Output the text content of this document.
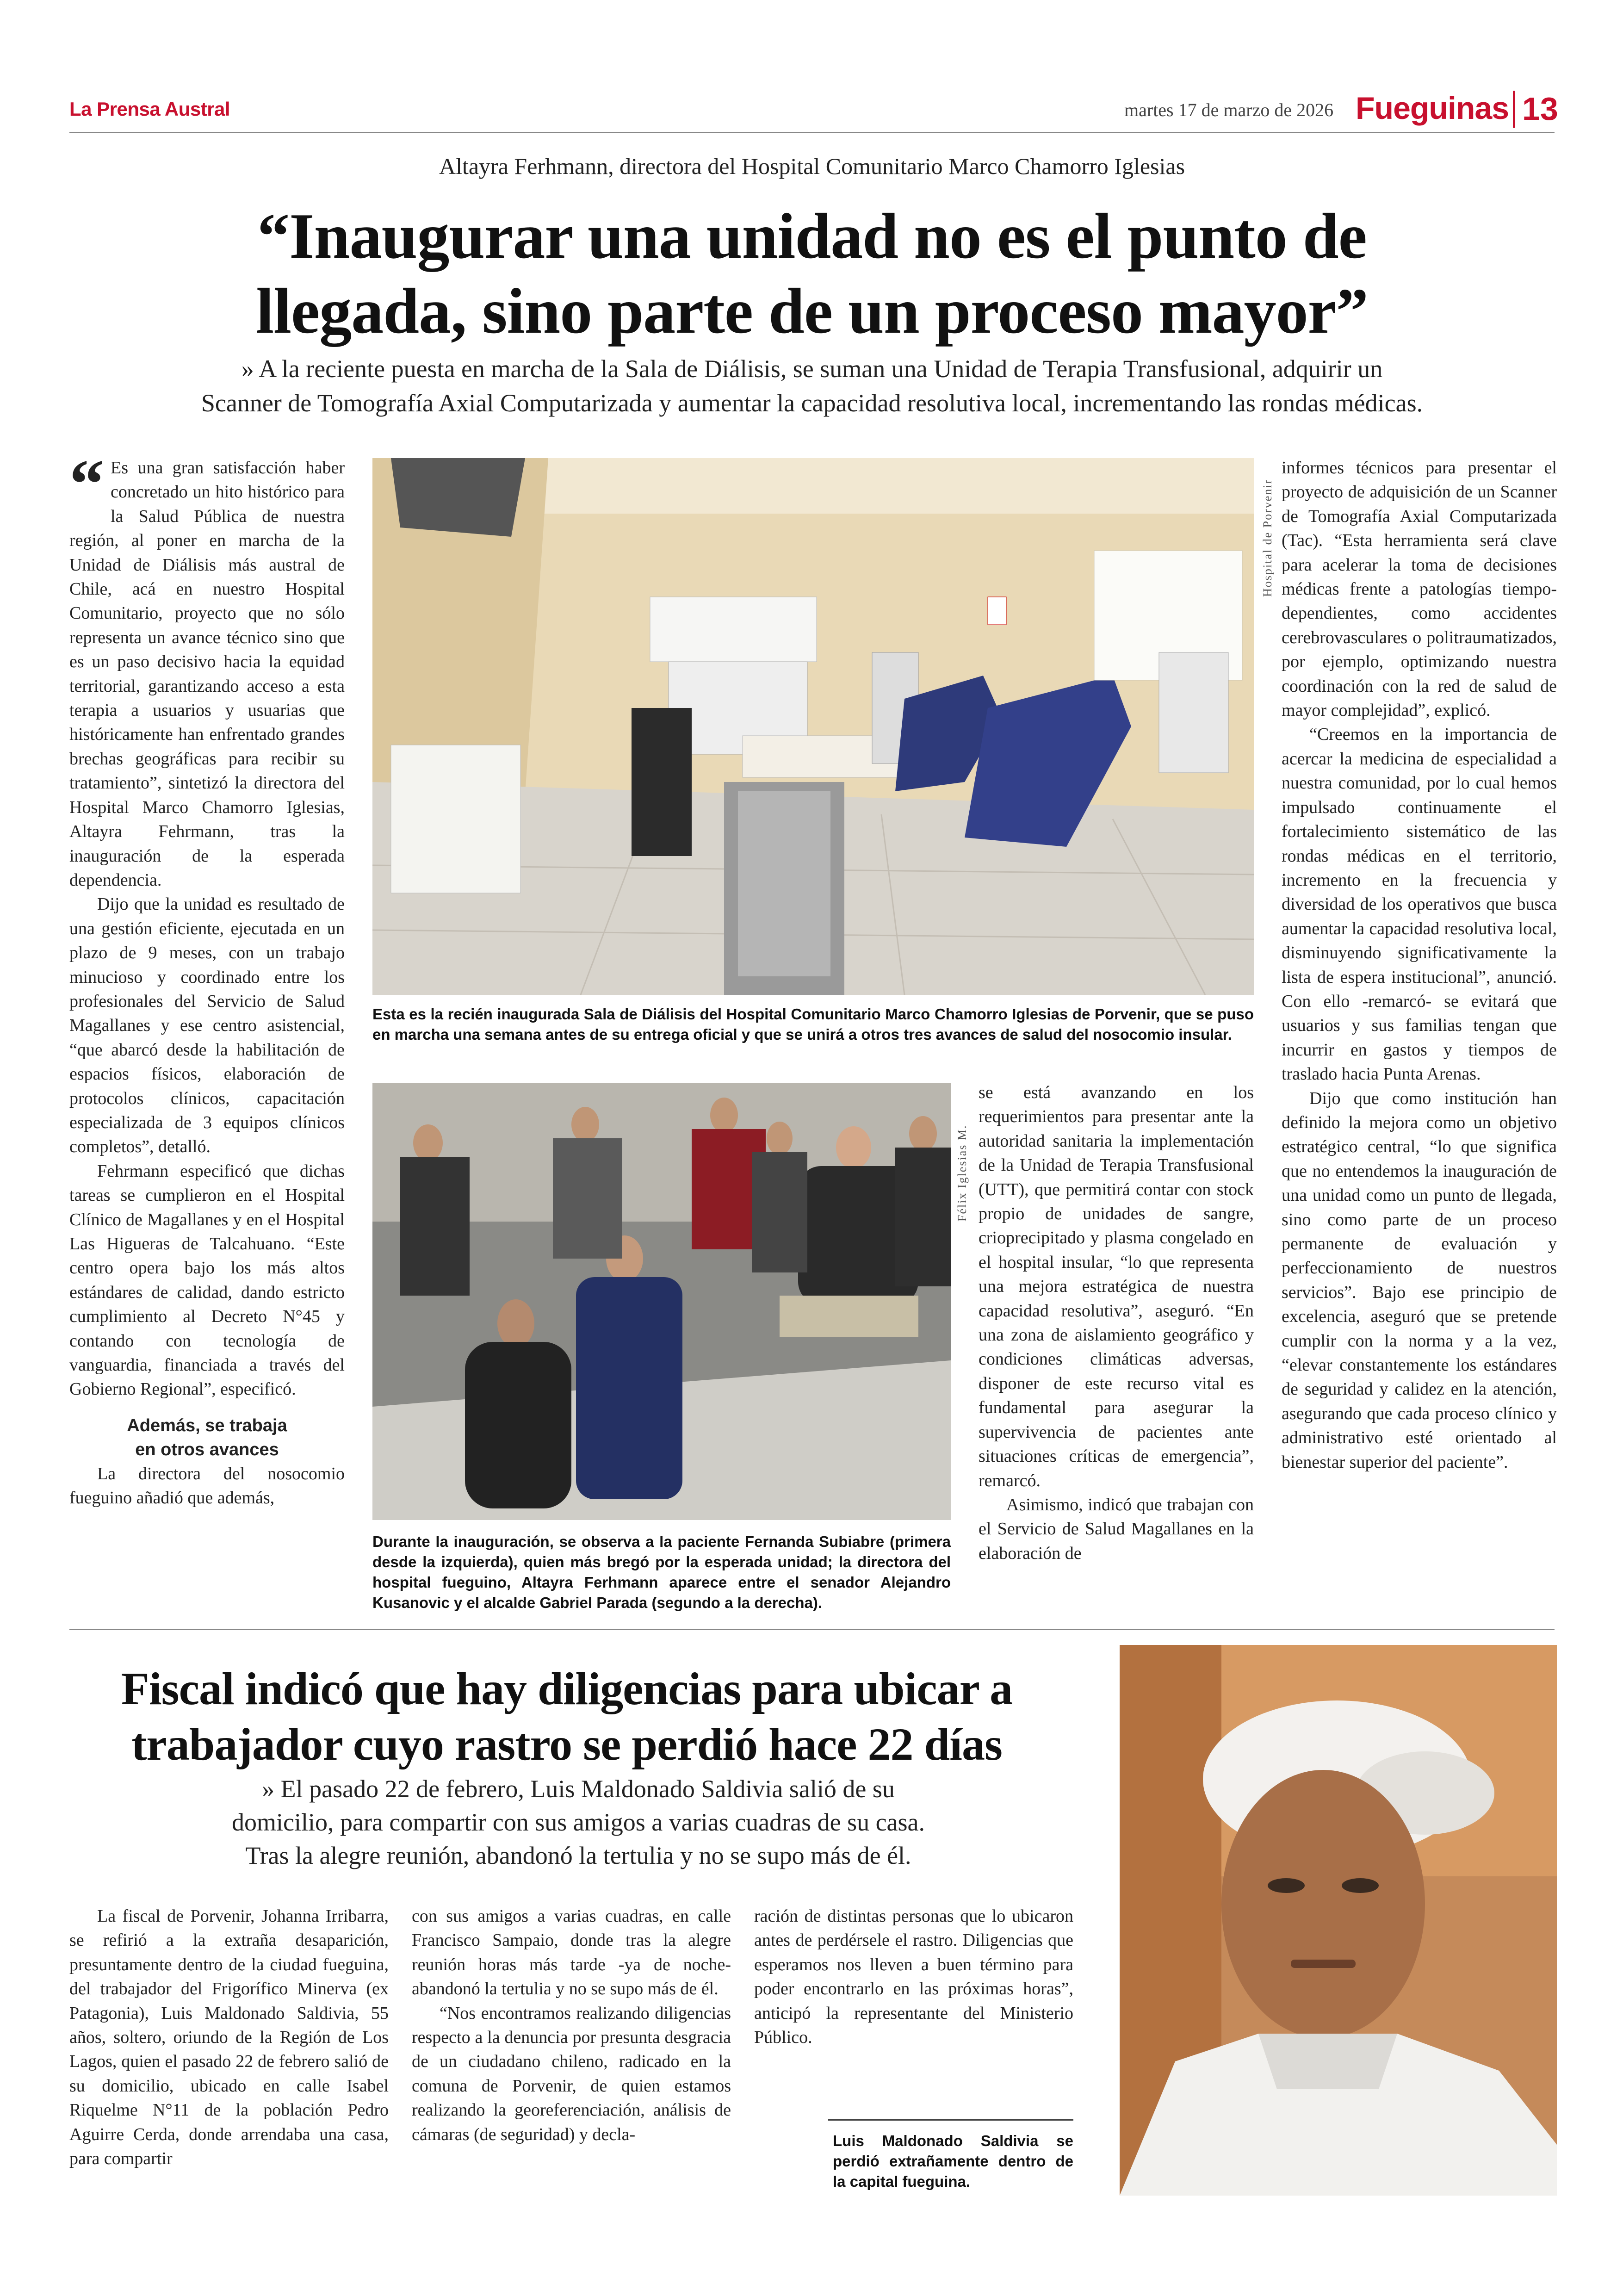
La Prensa Austral	martes 17 de marzo de 2026 Fueguinas 13
Altayra Ferhmann, directora del Hospital Comunitario Marco Chamorro Iglesias
“Inaugurar una unidad no es el punto de
llegada, sino parte de un proceso mayor”
» A la reciente puesta en marcha de la Sala de Diálisis, se suman una Unidad de Terapia Transfusional, adquirir un
Scanner de Tomografía Axial Computarizada y aumentar la capacidad resolutiva local, incrementando las rondas médicas.

“ Es una gran satisfacción haber concretado un hito histórico para la Salud Pública de nuestra región, al poner en marcha de la Unidad de Diálisis más austral de Chile, acá en nuestro Hospital Comunitario, proyecto que no sólo representa un avance técnico sino que es un paso decisivo hacia la equidad territorial, garantizando acceso a esta terapia a usuarios y usuarias que históricamente han enfrentado grandes brechas geográficas para recibir su tratamiento”, sintetizó la directora del Hospital Marco Chamorro Iglesias, Altayra Fehrmann, tras la inauguración de la esperada dependencia.

Dijo que la unidad es resultado de una gestión eficiente, ejecutada en un plazo de 9 meses, con un trabajo minucioso y coordinado entre los profesionales del Servicio de Salud Magallanes y ese centro asistencial, “que abarcó desde la habilitación de espacios físicos, elaboración de protocolos clínicos, capacitación especializada de 3 equipos clínicos completos”, detalló.

Fehrmann especificó que dichas tareas se cumplieron en el Hospital Clínico de Magallanes y en el Hospital Las Higueras de Talcahuano. “Este centro opera bajo los más altos estándares de calidad, dando estricto cumplimiento al Decreto N°45 y contando con tecnología de vanguardia, financiada a través del Gobierno Regional”, especificó.

Además, se trabaja
en otros avances

La directora del nosocomio fueguino añadió que además,

Hospital de Porvenir
Esta es la recién inaugurada Sala de Diálisis del Hospital Comunitario Marco Chamorro Iglesias de Porvenir, que se puso en marcha una semana antes de su entrega oficial y que se unirá a otros tres avances de salud del nosocomio insular.
Félix Iglesias M.
Durante la inauguración, se observa a la paciente Fernanda Subiabre (primera desde la izquierda), quien más bregó por la esperada unidad; la directora del hospital fueguino, Altayra Ferhmann aparece entre el senador Alejandro Kusanovic y el alcalde Gabriel Parada (segundo a la derecha).

se está avanzando en los requerimientos para presentar ante la autoridad sanitaria la implementación de la Unidad de Terapia Transfusional (UTT), que permitirá contar con stock propio de unidades de sangre, crioprecipitado y plasma congelado en el hospital insular, “lo que representa una mejora estratégica de nuestra capacidad resolutiva”, aseguró. “En una zona de aislamiento geográfico y condiciones climáticas adversas, disponer de este recurso vital es fundamental para asegurar la supervivencia de pacientes ante situaciones críticas de emergencia”, remarcó.

Asimismo, indicó que trabajan con el Servicio de Salud Magallanes en la elaboración de

informes técnicos para presentar el proyecto de adquisición de un Scanner de Tomografía Axial Computarizada (Tac). “Esta herramienta será clave para acelerar la toma de decisiones médicas frente a patologías tiempo-dependientes, como accidentes cerebrovasculares o politraumatizados, por ejemplo, optimizando nuestra coordinación con la red de salud de mayor complejidad”, explicó.

“Creemos en la importancia de acercar la medicina de especialidad a nuestra comunidad, por lo cual hemos impulsado continuamente el fortalecimiento sistemático de las rondas médicas en el territorio, incremento en la frecuencia y diversidad de los operativos que busca aumentar la capacidad resolutiva local, disminuyendo significativamente la lista de espera institucional”, anunció. Con ello -remarcó- se evitará que usuarios y sus familias tengan que incurrir en gastos y tiempos de traslado hacia Punta Arenas.

Dijo que como institución han definido la mejora como un objetivo estratégico central, “lo que significa que no entendemos la inauguración de una unidad como un punto de llegada, sino como parte de un proceso permanente de evaluación y perfeccionamiento de nuestros servicios”. Bajo ese principio de excelencia, aseguró que se pretende cumplir con la norma y a la vez, “elevar constantemente los estándares de seguridad y calidez en la atención, asegurando que cada proceso clínico y administrativo esté orientado al bienestar superior del paciente”.

Fiscal indicó que hay diligencias para ubicar a
trabajador cuyo rastro se perdió hace 22 días
» El pasado 22 de febrero, Luis Maldonado Saldivia salió de su
domicilio, para compartir con sus amigos a varias cuadras de su casa.
Tras la alegre reunión, abandonó la tertulia y no se supo más de él.

La fiscal de Porvenir, Johanna Irribarra, se refirió a la extraña desaparición, presuntamente dentro de la ciudad fueguina, del trabajador del Frigorífico Minerva (ex Patagonia), Luis Maldonado Saldivia, 55 años, soltero, oriundo de la Región de Los Lagos, quien el pasado 22 de febrero salió de su domicilio, ubicado en calle Isabel Riquelme N°11 de la población Pedro Aguirre Cerda, donde arrendaba una casa, para compartir

con sus amigos a varias cuadras, en calle Francisco Sampaio, donde tras la alegre reunión horas más tarde -ya de noche- abandonó la tertulia y no se supo más de él.

“Nos encontramos realizando diligencias respecto a la denuncia por presunta desgracia de un ciudadano chileno, radicado en la comuna de Porvenir, de quien estamos realizando la georeferenciación, análisis de cámaras (de seguridad) y decla-

ración de distintas personas que lo ubicaron antes de perdérsele el rastro. Diligencias que esperamos nos lleven a buen término para poder encontrarlo en las próximas horas”, anticipó la representante del Ministerio Público.

Luis Maldonado Saldivia se perdió extrañamente dentro de la capital fueguina.
